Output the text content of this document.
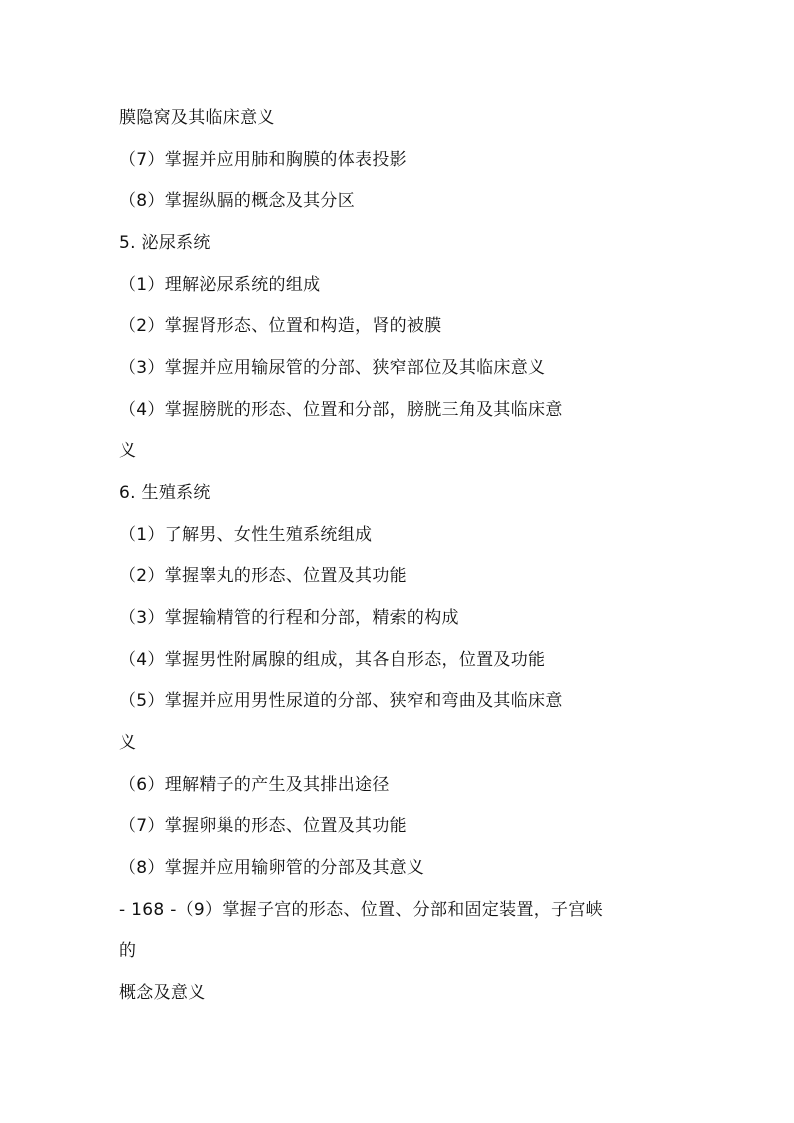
膜隐窝及其临床意义
（7）掌握并应用肺和胸膜的体表投影
（8）掌握纵膈的概念及其分区
5. 泌尿系统
（1）理解泌尿系统的组成
（2）掌握肾形态、位置和构造，肾的被膜
（3）掌握并应用输尿管的分部、狭窄部位及其临床意义
（4）掌握膀胱的形态、位置和分部，膀胱三角及其临床意
义
6. 生殖系统
（1）了解男、女性生殖系统组成
（2）掌握睾丸的形态、位置及其功能
（3）掌握输精管的行程和分部，精索的构成
（4）掌握男性附属腺的组成，其各自形态，位置及功能
（5）掌握并应用男性尿道的分部、狭窄和弯曲及其临床意
义
（6）理解精子的产生及其排出途径
（7）掌握卵巢的形态、位置及其功能
（8）掌握并应用输卵管的分部及其意义
- 168 -（9）掌握子宫的形态、位置、分部和固定装置，子宫峡
的
概念及意义
